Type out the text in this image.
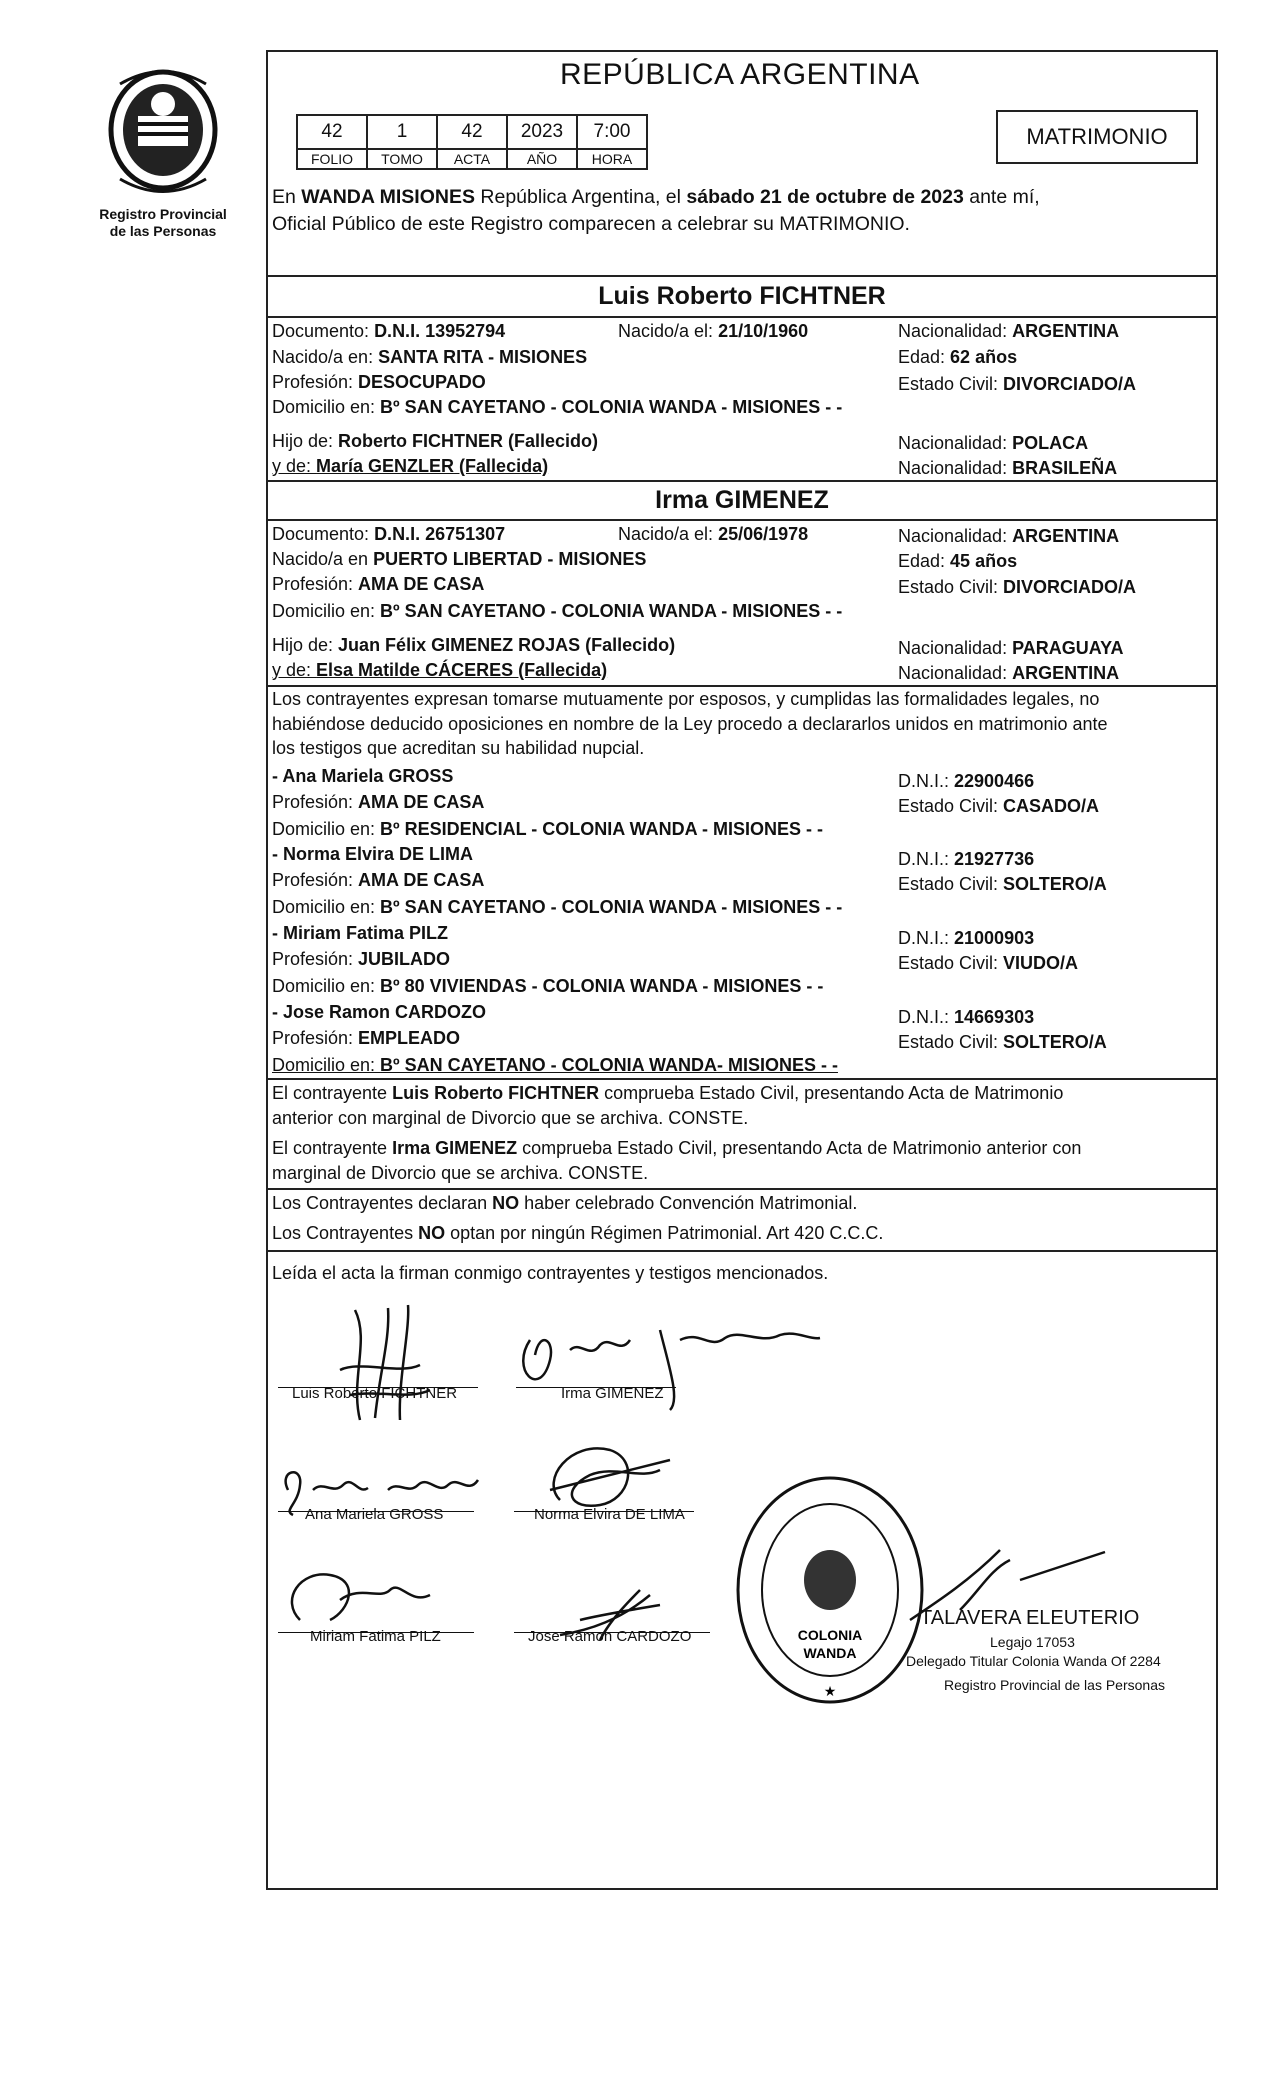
Registro Provincial
de las Personas
REPÚBLICA ARGENTINA
42	1	42	2023	7:00
FOLIO	TOMO	ACTA	AÑO	HORA
MATRIMONIO
En WANDA MISIONES República Argentina, el sábado 21 de octubre de 2023 ante mí,
Oficial Público de este Registro comparecen a celebrar su MATRIMONIO.
Luis Roberto FICHTNER
Documento: D.N.I. 13952794	Nacido/a el: 21/10/1960	Nacionalidad: ARGENTINA
Nacido/a en: SANTA RITA - MISIONES	Edad: 62 años
Profesión: DESOCUPADO	Estado Civil: DIVORCIADO/A
Domicilio en: Bº SAN CAYETANO - COLONIA WANDA - MISIONES - -
Hijo de: Roberto FICHTNER (Fallecido)	Nacionalidad: POLACA
y de: María GENZLER (Fallecida)	Nacionalidad: BRASILEÑA
Irma GIMENEZ
Documento: D.N.I. 26751307	Nacido/a el: 25/06/1978	Nacionalidad: ARGENTINA
Nacido/a en PUERTO LIBERTAD - MISIONES	Edad: 45 años
Profesión: AMA DE CASA	Estado Civil: DIVORCIADO/A
Domicilio en: Bº SAN CAYETANO - COLONIA WANDA - MISIONES - -
Hijo de: Juan Félix GIMENEZ ROJAS (Fallecido)	Nacionalidad: PARAGUAYA
y de: Elsa Matilde CÁCERES (Fallecida)	Nacionalidad: ARGENTINA
Los contrayentes expresan tomarse mutuamente por esposos, y cumplidas las formalidades legales, no
habiéndose deducido oposiciones en nombre de la Ley procedo a declararlos unidos en matrimonio ante
los testigos que acreditan su habilidad nupcial.
- Ana Mariela GROSS	D.N.I.: 22900466
Profesión: AMA DE CASA	Estado Civil: CASADO/A
Domicilio en: Bº RESIDENCIAL - COLONIA WANDA - MISIONES - -
- Norma Elvira DE LIMA	D.N.I.: 21927736
Profesión: AMA DE CASA	Estado Civil: SOLTERO/A
Domicilio en: Bº SAN CAYETANO - COLONIA WANDA - MISIONES - -
- Miriam Fatima PILZ	D.N.I.: 21000903
Profesión: JUBILADO	Estado Civil: VIUDO/A
Domicilio en: Bº 80 VIVIENDAS - COLONIA WANDA - MISIONES - -
- Jose Ramon CARDOZO	D.N.I.: 14669303
Profesión: EMPLEADO	Estado Civil: SOLTERO/A
Domicilio en: Bº SAN CAYETANO - COLONIA WANDA- MISIONES - -
El contrayente Luis Roberto FICHTNER comprueba Estado Civil, presentando Acta de Matrimonio
anterior con marginal de Divorcio que se archiva. CONSTE.
El contrayente Irma GIMENEZ comprueba Estado Civil, presentando Acta de Matrimonio anterior con
marginal de Divorcio que se archiva. CONSTE.
Los Contrayentes declaran NO haber celebrado Convención Matrimonial.
Los Contrayentes NO optan por ningún Régimen Patrimonial. Art 420 C.C.C.
Leída el acta la firman conmigo contrayentes y testigos mencionados.
Luis Roberto FICHTNER	Irma GIMENEZ
Ana Mariela GROSS	Norma Elvira DE LIMA
Miriam Fatima PILZ	Jose Ramon CARDOZO	COLONIA
WANDA
★
TALAVERA ELEUTERIO
Legajo 17053
Delegado Titular Colonia Wanda Of 2284
Registro Provincial de las Personas
